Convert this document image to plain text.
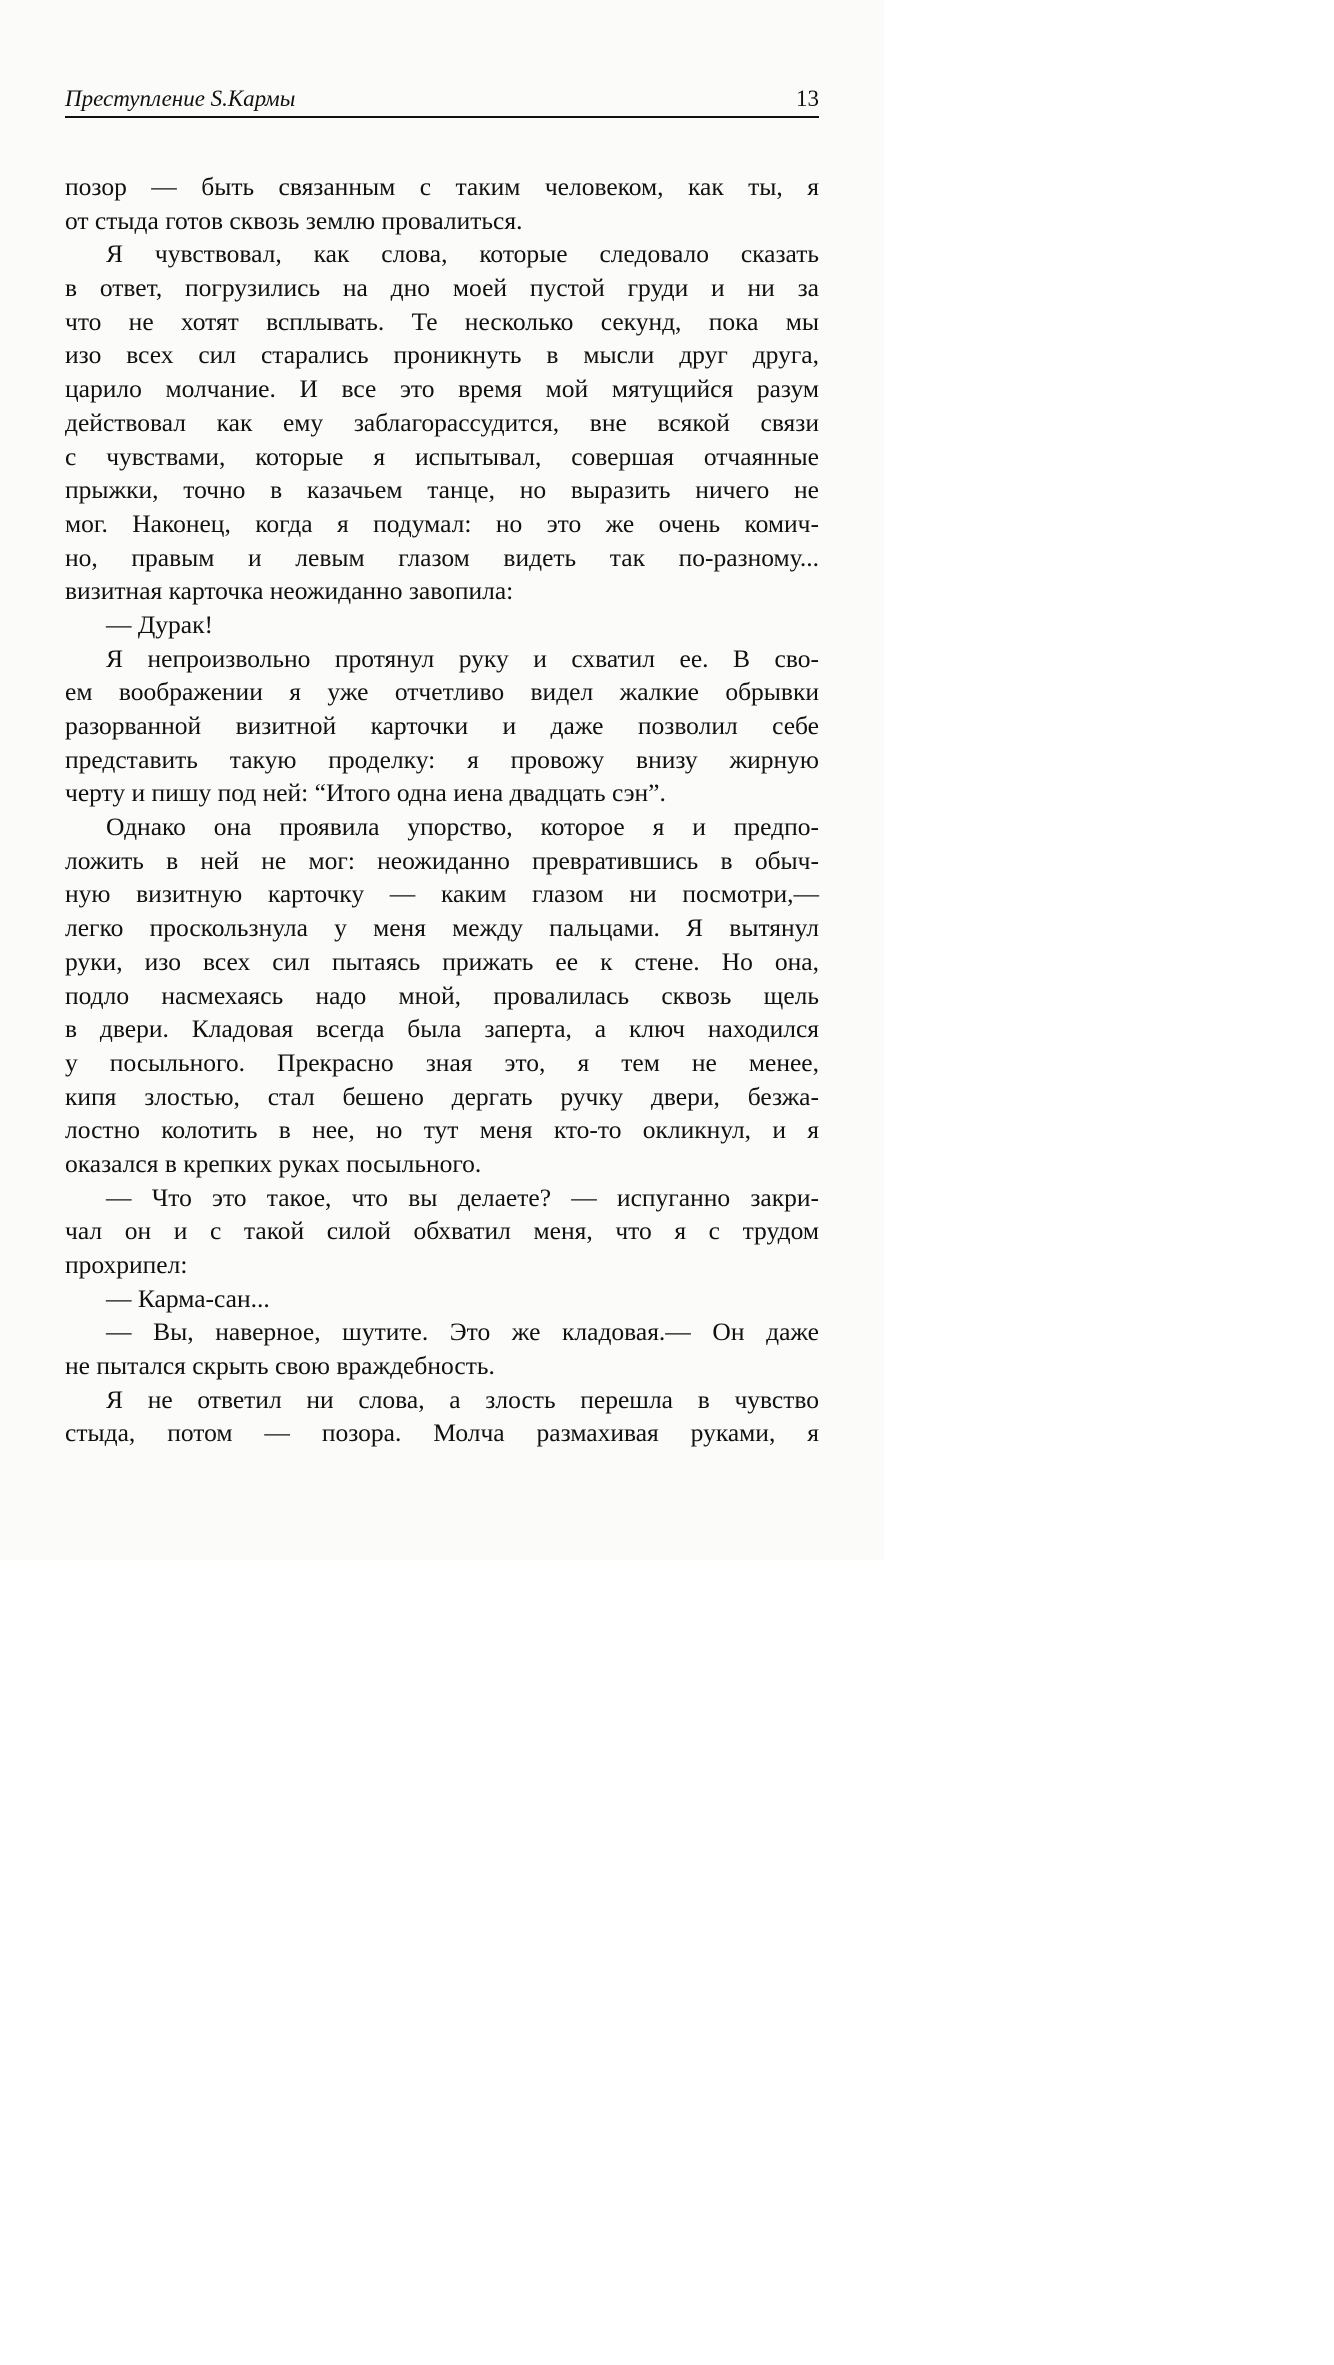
Преступление S.Кармы	13
позор — быть связанным с таким человеком, как ты, я
от стыда готов сквозь землю провалиться.
Я чувствовал, как слова, которые следовало сказать
в ответ, погрузились на дно моей пустой груди и ни за
что не хотят всплывать. Те несколько секунд, пока мы
изо всех сил старались проникнуть в мысли друг друга,
царило молчание. И все это время мой мятущийся разум
действовал как ему заблагорассудится, вне всякой связи
с чувствами, которые я испытывал, совершая отчаянные
прыжки, точно в казачьем танце, но выразить ничего не
мог. Наконец, когда я подумал: но это же очень комич-
но, правым и левым глазом видеть так по-разному...
визитная карточка неожиданно завопила:
— Дурак!
Я непроизвольно протянул руку и схватил ее. В сво-
ем воображении я уже отчетливо видел жалкие обрывки
разорванной визитной карточки и даже позволил себе
представить такую проделку: я провожу внизу жирную
черту и пишу под ней: “Итого одна иена двадцать сэн”.
Однако она проявила упорство, которое я и предпо-
ложить в ней не мог: неожиданно превратившись в обыч-
ную визитную карточку — каким глазом ни посмотри,—
легко проскользнула у меня между пальцами. Я вытянул
руки, изо всех сил пытаясь прижать ее к стене. Но она,
подло насмехаясь надо мной, провалилась сквозь щель
в двери. Кладовая всегда была заперта, а ключ находился
у посыльного. Прекрасно зная это, я тем не менее,
кипя злостью, стал бешено дергать ручку двери, безжа-
лостно колотить в нее, но тут меня кто-то окликнул, и я
оказался в крепких руках посыльного.
— Что это такое, что вы делаете? — испуганно закри-
чал он и с такой силой обхватил меня, что я с трудом
прохрипел:
— Карма-сан...
— Вы, наверное, шутите. Это же кладовая.— Он даже
не пытался скрыть свою враждебность.
Я не ответил ни слова, а злость перешла в чувство
стыда, потом — позора. Молча размахивая руками, я
